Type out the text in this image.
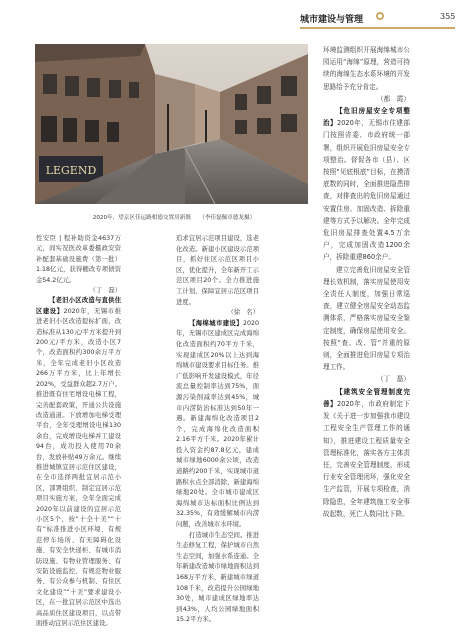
城市建设与管理	355
LEGEND
2020年，望京区佳运路相德交置房新既　　（李佳磊佩卓德龙摄）

性安臣 | 程补助资金4637万元，间实况医改革委摄政安资补配套基础设施费（第一批）1.18亿元，获得棚改专项债资金54.2亿元。

（丁　磊）

【老旧小区改造与直供住区建设】2020年，无锡市推进老旧小区改造提标扩面，改造标准从130元/平方米提升到200元/平方米，改造小区7个，改造面积约300余万平方米，全年完成老旧小区改造266万平方米，比上年增长202%，受益群众超2.7万户。推进既有住宅增设电梯工程，完善配套政策，开通公共设施改造通道。下放增加电梯受理平台，全年受理增设电梯130余台，完成增设电梯并工建设94台，成功投入使用70余台，发放补贴49万余元。继续推进城镇宜居示范住区建设，在全市选择两批宜居示范小区，部署组织、制定宜居示范项目实施方案，全年全面完成2020年以前建设的宜居示范小区5个，按“十全十美”“十有”标准推进小区环境、有规范停车场所、有无障碍化设施、有安全快递柜、有城市消防设施、有物业管理服务、有安防设施监控、有规范物业服务、有公众参与机制、有住区文化建设”“十美”要求建设小区，在一批宜居示范区中选出高品质住区建设项目，以点带面推动宜居示范住区建设。

追求宜居示范项目建设，选老化改造。新建小区建设示范项目，抓好住区示范区项目小区，优化提升，全年新开工示范区项目20个。全力推进施工计划，保障宜居示范区项目进度。

（徐　名）

【海绵城市建设】2020年，无锡市区建成区完成海绵化改造面积约70平方千米，实现建成区20%以上达到海绵城市建设要求目标任务。推广低影响开发建设模式，年径流总量控制率达到75%，面源污染削减率达到45%，城市内涝防治标准达到50年一遇。新建海绵化改造项目2个，完成海绵化改造面积2.16平方千米。2020年累计投入资金约87.8亿元，建成城市绿地6000余公顷，改造道路约200千米，实现城市道路积水点全部消除，新建海绵绿地20处。全市城市建成区海绵城市达标面积比例达到32.35%，有效缓解城市内涝问题，改善城市水环境。

打造城市生态空间。推进生态修复工程，保护城市自然生态空间，加强水系连通。全年新建改造城市绿地面积达到168万平方米，新建城市绿道108千米，改造提升公园绿地30处，城市建成区绿地率达到43%，人均公园绿地面积15.2平方米。

环境监测组织开展海绵城市公园运用“海绵”原理，营造可持续的海绵生态水系环境的开发思路给予充分肯定。

（都　霞）

【危旧房屋安全专项整治】2020年，无锡市住建部门按照省委、市政府统一部署，组织开展危旧房屋安全专项整治。督促各市（县）、区按照“见底根底”目标，在摸清底数的同时，全面推进隐患排查，对排查出的危旧房屋通过安置住房、加固改造、拆除重建等方式予以解决。全年完成危旧房屋排查处置4.5万余户，完成加固改造1200余户，拆除重建860余户。

建立完善危旧房屋安全管理长效机制，落实房屋使用安全责任人制度，加强日常巡查，建立健全房屋安全动态监测体系，严格落实房屋安全鉴定制度，确保房屋使用安全。按照“查、改、管”并重的原则，全面推进危旧房屋专项治理工作。

（丁　磊）

【建筑安全管理制度完善】2020年，市政府制定下发《关于进一步加强我市建设工程安全生产管理工作的通知》，推进建设工程质量安全管理标准化，落实各方主体责任，完善安全管理制度，形成行业安全管理闭环，强化安全生产监管，开展专项检查，消除隐患，全年建筑施工安全事故起数、死亡人数同比下降。
